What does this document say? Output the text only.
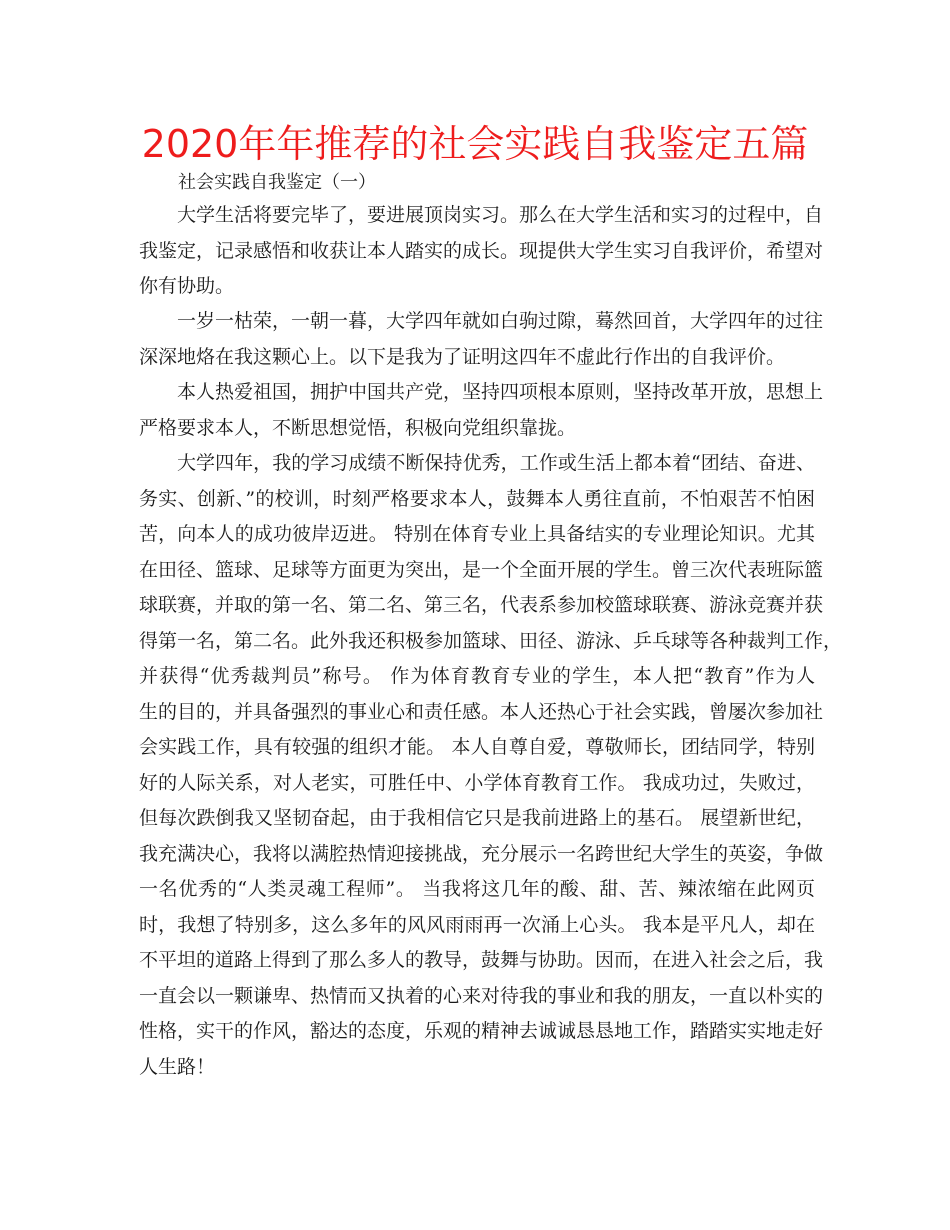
2020年年推荐的社会实践自我鉴定五篇

社会实践自我鉴定（一）

大学生活将要完毕了，要进展顶岗实习。那么在大学生活和实习的过程中，自
我鉴定，记录感悟和收获让本人踏实的成长。现提供大学生实习自我评价，希望对
你有协助。
一岁一枯荣，一朝一暮，大学四年就如白驹过隙，蓦然回首，大学四年的过往
深深地烙在我这颗心上。以下是我为了证明这四年不虚此行作出的自我评价。
本人热爱祖国，拥护中国共产党，坚持四项根本原则，坚持改革开放，思想上
严格要求本人，不断思想觉悟，积极向党组织靠拢。
大学四年，我的学习成绩不断保持优秀，工作或生活上都本着“团结、奋进、
务实、创新、”的校训，时刻严格要求本人，鼓舞本人勇往直前，不怕艰苦不怕困
苦，向本人的成功彼岸迈进。 特别在体育专业上具备结实的专业理论知识。尤其
在田径、篮球、足球等方面更为突出，是一个全面开展的学生。曾三次代表班际篮
球联赛，并取的第一名、第二名、第三名，代表系参加校篮球联赛、游泳竞赛并获
得第一名，第二名。此外我还积极参加篮球、田径、游泳、乒乓球等各种裁判工作，
并获得“优秀裁判员”称号。 作为体育教育专业的学生，本人把“教育”作为人
生的目的，并具备强烈的事业心和责任感。本人还热心于社会实践，曾屡次参加社
会实践工作，具有较强的组织才能。 本人自尊自爱，尊敬师长，团结同学，特别
好的人际关系，对人老实，可胜任中、小学体育教育工作。 我成功过，失败过，
但每次跌倒我又坚韧奋起，由于我相信它只是我前进路上的基石。 展望新世纪，
我充满决心，我将以满腔热情迎接挑战，充分展示一名跨世纪大学生的英姿，争做
一名优秀的“人类灵魂工程师”。 当我将这几年的酸、甜、苦、辣浓缩在此网页
时，我想了特别多，这么多年的风风雨雨再一次涌上心头。 我本是平凡人，却在
不平坦的道路上得到了那么多人的教导，鼓舞与协助。因而，在进入社会之后，我
一直会以一颗谦卑、热情而又执着的心来对待我的事业和我的朋友，一直以朴实的
性格，实干的作风，豁达的态度，乐观的精神去诚诚恳恳地工作，踏踏实实地走好
人生路！
